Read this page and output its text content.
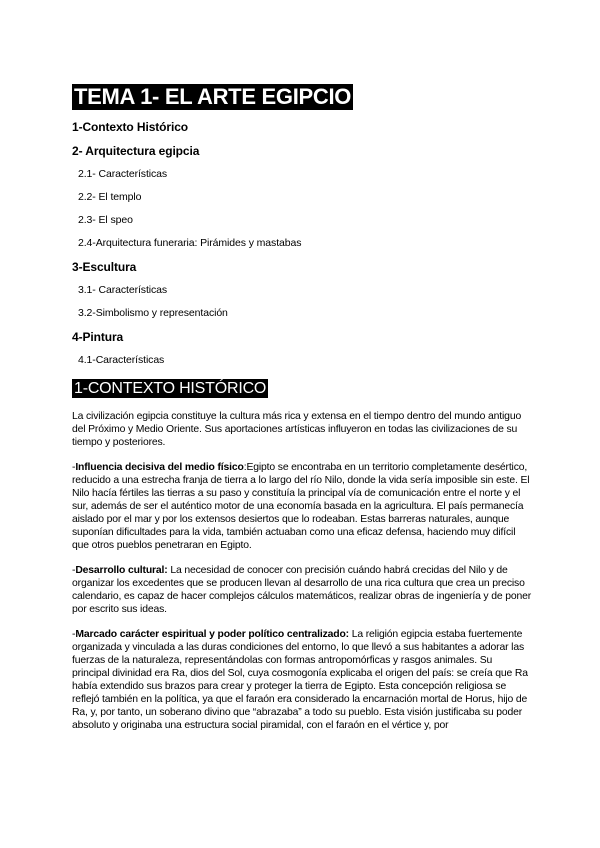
TEMA 1- EL ARTE EGIPCIO
1-Contexto Histórico
2- Arquitectura egipcia
2.1- Características
2.2- El templo
2.3- El speo
2.4-Arquitectura funeraria: Pirámides y mastabas
3-Escultura
3.1- Características
3.2-Simbolismo y representación
4-Pintura
4.1-Características
1-CONTEXTO HISTÓRICO

La civilización egipcia constituye la cultura más rica y extensa en el tiempo dentro del mundo antiguo del Próximo y Medio Oriente. Sus aportaciones artísticas influyeron en todas las civilizaciones de su tiempo y posteriores.

-Influencia decisiva del medio físico:Egipto se encontraba en un territorio completamente desértico, reducido a una estrecha franja de tierra a lo largo del río Nilo, donde la vida sería imposible sin este. El Nilo hacía fértiles las tierras a su paso y constituía la principal vía de comunicación entre el norte y el sur, además de ser el auténtico motor de una economía basada en la agricultura. El país permanecía aislado por el mar y por los extensos desiertos que lo rodeaban. Estas barreras naturales, aunque suponían dificultades para la vida, también actuaban como una eficaz defensa, haciendo muy difícil que otros pueblos penetraran en Egipto.

-Desarrollo cultural: La necesidad de conocer con precisión cuándo habrá crecidas del Nilo y de organizar los excedentes que se producen llevan al desarrollo de una rica cultura que crea un preciso calendario, es capaz de hacer complejos cálculos matemáticos, realizar obras de ingeniería y de poner por escrito sus ideas.

-Marcado carácter espiritual y poder político centralizado: La religión egipcia estaba fuertemente organizada y vinculada a las duras condiciones del entorno, lo que llevó a sus habitantes a adorar las fuerzas de la naturaleza, representándolas con formas antropomórficas y rasgos animales. Su principal divinidad era Ra, dios del Sol, cuya cosmogonía explicaba el origen del país: se creía que Ra había extendido sus brazos para crear y proteger la tierra de Egipto. Esta concepción religiosa se reflejó también en la política, ya que el faraón era considerado la encarnación mortal de Horus, hijo de Ra, y, por tanto, un soberano divino que “abrazaba” a todo su pueblo. Esta visión justificaba su poder absoluto y originaba una estructura social piramidal, con el faraón en el vértice y, por
